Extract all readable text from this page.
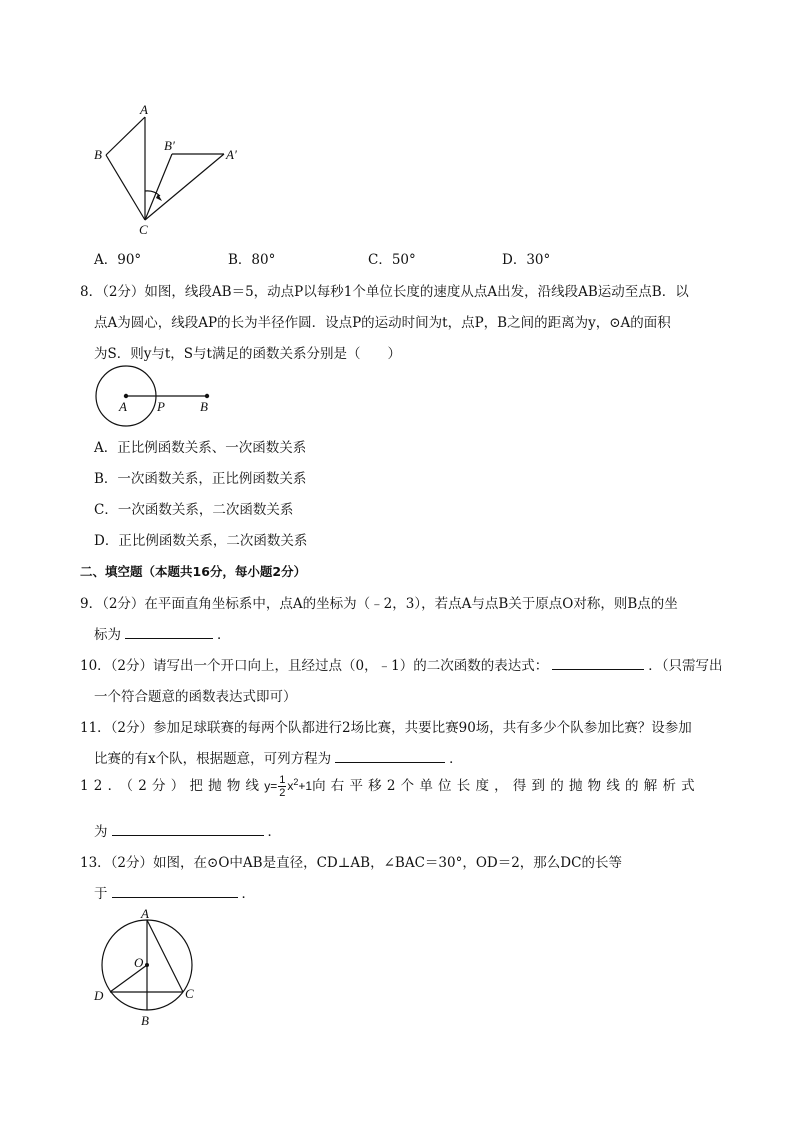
A
B
B′
A′
C
A．90°	B．80°	C．50°	D．30°
8．（2分）如图，线段AB＝5，动点P以每秒1个单位长度的速度从点A出发，沿线段AB运动至点B．以
点A为圆心，线段AP的长为半径作圆．设点P的运动时间为t，点P，B之间的距离为y，⊙A的面积
为S．则y与t，S与t满足的函数关系分别是（　　）
A P	B
A．正比例函数关系、一次函数关系
B．一次函数关系，正比例函数关系
C．一次函数关系，二次函数关系
D．正比例函数关系，二次函数关系
二、填空题（本题共16分，每小题2分）
9．（2分）在平面直角坐标系中，点A的坐标为（﹣2，3），若点A与点B关于原点O对称，则B点的坐
标为	．
10．（2分）请写出一个开口向上，且经过点（0，﹣1）的二次函数的表达式：	．（只需写出
一个符合题意的函数表达式即可）
11．（2分）参加足球联赛的每两个队都进行2场比赛，共要比赛90场，共有多少个队参加比赛？设参加
比赛的有x个队，根据题意，可列方程为	．
12．（2分）把抛物线$y= \frac{1}{2} x^2+1$向右平移2个单位长度，得到的抛物线的解析式
为	．
13．（2分）如图，在⊙O中AB是直径，CD⊥AB，∠BAC＝30°，OD＝2，那么DC的长等
于	．
A
O
D	C
B
